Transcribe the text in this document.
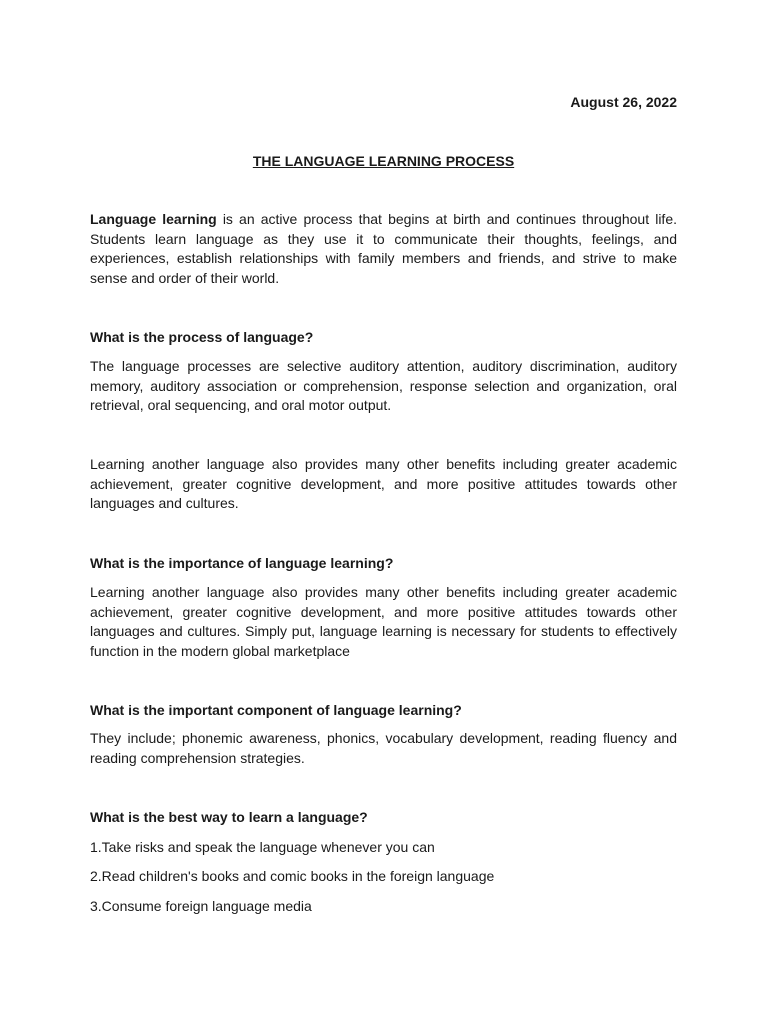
August 26, 2022
THE LANGUAGE LEARNING PROCESS

Language learning is an active process that begins at birth and continues throughout life. Students learn language as they use it to communicate their thoughts, feelings, and experiences, establish relationships with family members and friends, and strive to make sense and order of their world.

What is the process of language?

The language processes are selective auditory attention, auditory discrimination, auditory memory, auditory association or comprehension, response selection and organization, oral retrieval, oral sequencing, and oral motor output.

Learning another language also provides many other benefits including greater academic achievement, greater cognitive development, and more positive attitudes towards other languages and cultures.

What is the importance of language learning?

Learning another language also provides many other benefits including greater academic achievement, greater cognitive development, and more positive attitudes towards other languages and cultures. Simply put, language learning is necessary for students to effectively function in the modern global marketplace

What is the important component of language learning?

They include; phonemic awareness, phonics, vocabulary development, reading fluency and reading comprehension strategies.

What is the best way to learn a language?

1.Take risks and speak the language whenever you can

2.Read children's books and comic books in the foreign language

3.Consume foreign language media
